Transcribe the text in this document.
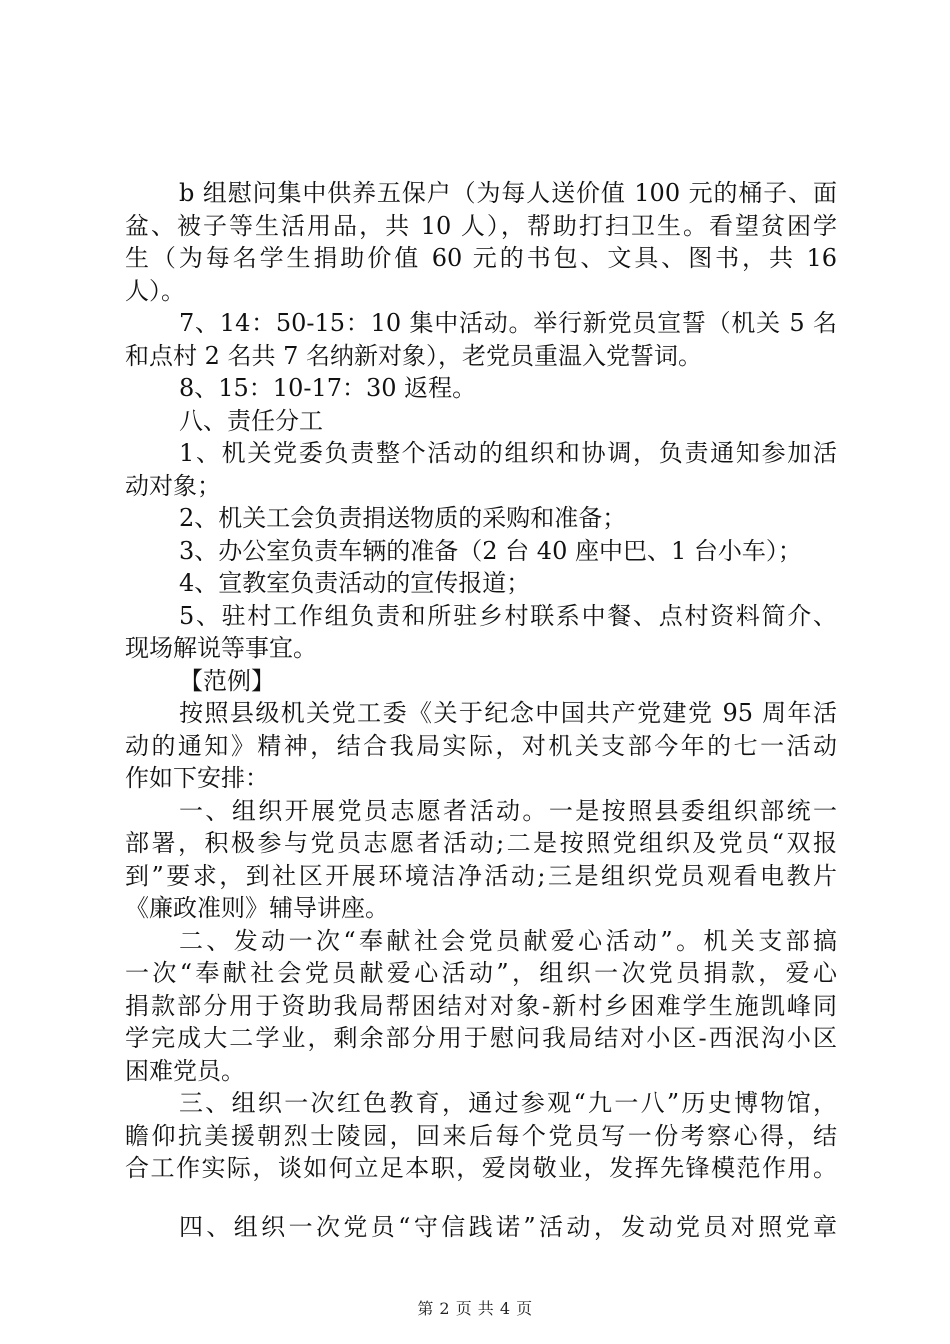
b 组慰问集中供养五保户（为每人送价值 100 元的桶子、面
盆、被子等生活用品，共 10 人），帮助打扫卫生。看望贫困学
生（为每名学生捐助价值 60 元的书包、文具、图书，共 16
人）。
7、14：50-15：10 集中活动。举行新党员宣誓（机关 5 名
和点村 2 名共 7 名纳新对象），老党员重温入党誓词。
8、15：10-17：30 返程。
八、责任分工
1、机关党委负责整个活动的组织和协调，负责通知参加活
动对象；
2、机关工会负责捐送物质的采购和准备；
3、办公室负责车辆的准备（2 台 40 座中巴、1 台小车）；
4、宣教室负责活动的宣传报道；
5、驻村工作组负责和所驻乡村联系中餐、点村资料简介、
现场解说等事宜。
【范例】
按照县级机关党工委《关于纪念中国共产党建党 95 周年活
动的通知》精神，结合我局实际，对机关支部今年的七一活动
作如下安排：
一、组织开展党员志愿者活动。一是按照县委组织部统一
部署，积极参与党员志愿者活动;二是按照党组织及党员“双报
到”要求，到社区开展环境洁净活动;三是组织党员观看电教片
《廉政准则》辅导讲座。
二、发动一次“奉献社会党员献爱心活动”。机关支部搞
一次“奉献社会党员献爱心活动”，组织一次党员捐款，爱心
捐款部分用于资助我局帮困结对对象-新村乡困难学生施凯峰同
学完成大二学业，剩余部分用于慰问我局结对小区-西泯沟小区
困难党员。
三、组织一次红色教育，通过参观“九一八”历史博物馆，
瞻仰抗美援朝烈士陵园，回来后每个党员写一份考察心得，结
合工作实际，谈如何立足本职，爱岗敬业，发挥先锋模范作用。
四、组织一次党员“守信践诺”活动，发动党员对照党章
第 2 页 共 4 页
